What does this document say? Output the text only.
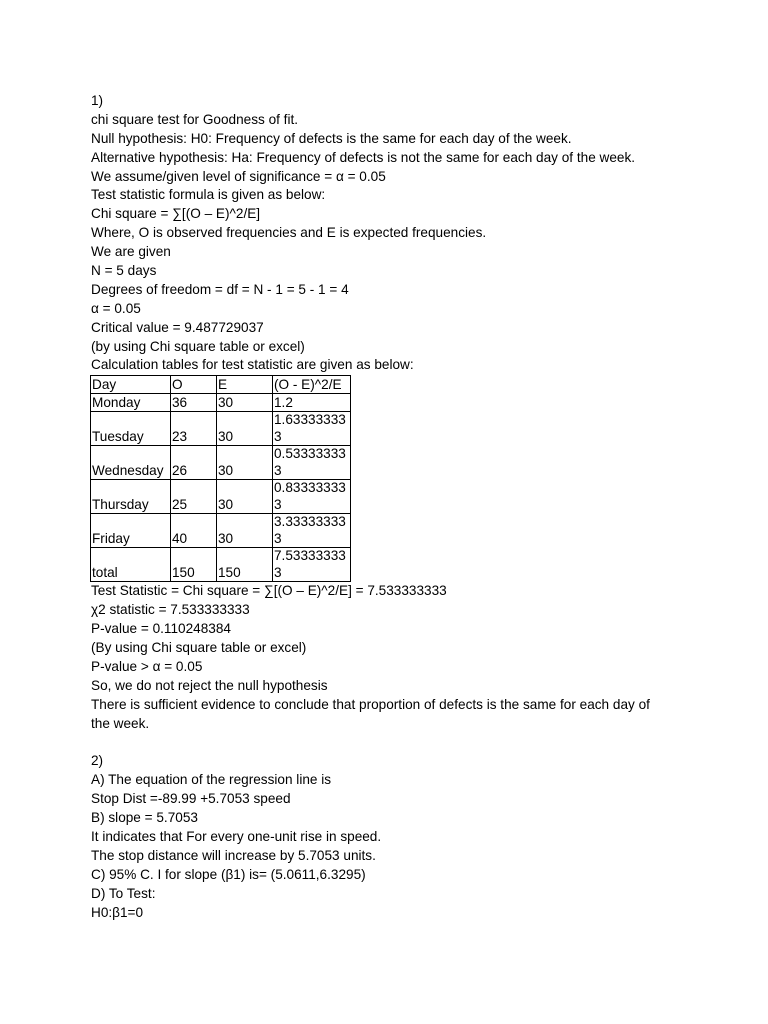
1)
chi square test for Goodness of fit.
Null hypothesis: H0: Frequency of defects is the same for each day of the week.
Alternative hypothesis: Ha: Frequency of defects is not the same for each day of the week.
We assume/given level of significance = α = 0.05
Test statistic formula is given as below:
Chi square = ∑[(O – E)^2/E]
Where, O is observed frequencies and E is expected frequencies.
We are given
N = 5 days
Degrees of freedom = df = N - 1 = 5 - 1 = 4
α = 0.05
Critical value = 9.487729037
(by using Chi square table or excel)
Calculation tables for test statistic are given as below:
Day	O	E	(O - E)^2/E
Monday	36	30	1.2

Tuesday	23	30	1.633333333

Wednesday	26	30	0.533333333

Thursday	25	30	0.833333333

Friday	40	30	3.333333333

total	150	150	7.533333333
Test Statistic = Chi square = ∑[(O – E)^2/E] = 7.533333333
χ2 statistic = 7.533333333
P-value = 0.110248384
(By using Chi square table or excel)
P-value > α = 0.05
So, we do not reject the null hypothesis
There is sufficient evidence to conclude that proportion of defects is the same for each day of the week.
2)
A) The equation of the regression line is
Stop Dist =-89.99 +5.7053 speed
B) slope = 5.7053
It indicates that For every one-unit rise in speed.
The stop distance will increase by 5.7053 units.
C) 95% C. I for slope (β1) is= (5.0611,6.3295)
D) To Test:
H0:β1=0
